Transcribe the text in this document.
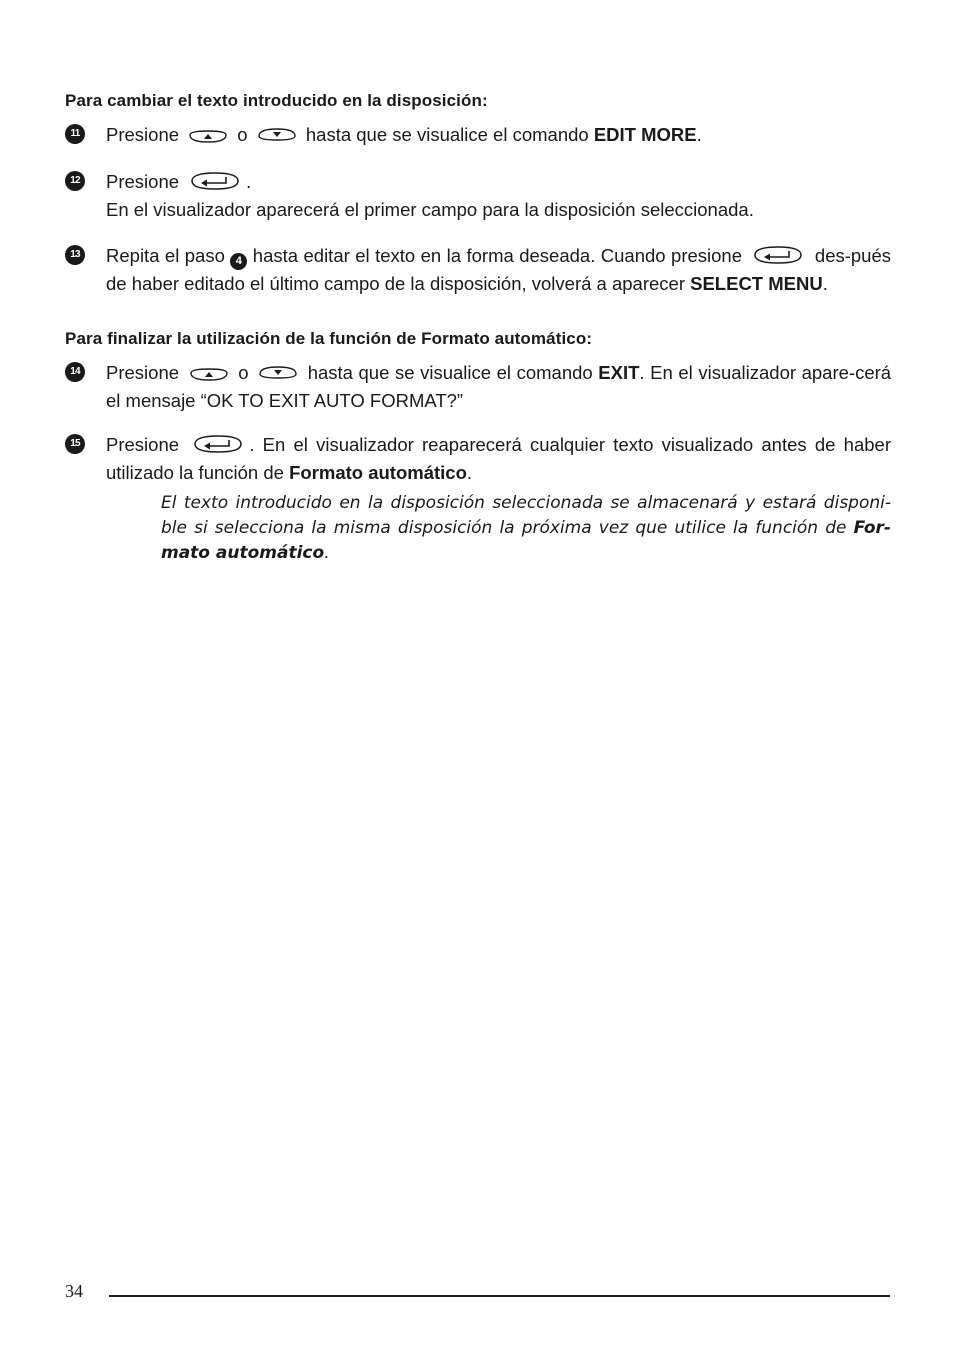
Para cambiar el texto introducido en la disposición:
11 Presione	o	hasta que se visualice el comando EDIT MORE.
12 Presione	.
En el visualizador aparecerá el primer campo para la disposición seleccionada.
13 Repita el paso 4 hasta editar el texto en la forma deseada. Cuando presione	des-pués de haber editado el último campo de la disposición, volverá a aparecer SELECT MENU.
Para finalizar la utilización de la función de Formato automático:
14 Presione	o	hasta que se visualice el comando EXIT. En el visualizador apare-cerá el mensaje “OK TO EXIT AUTO FORMAT?”
15 Presione	. En el visualizador reaparecerá cualquier texto visualizado antes de haber utilizado la función de Formato automático.
El texto introducido en la disposición seleccionada se almacenará y estará disponi-ble si selecciona la misma disposición la próxima vez que utilice la función de For-mato automático.
34
